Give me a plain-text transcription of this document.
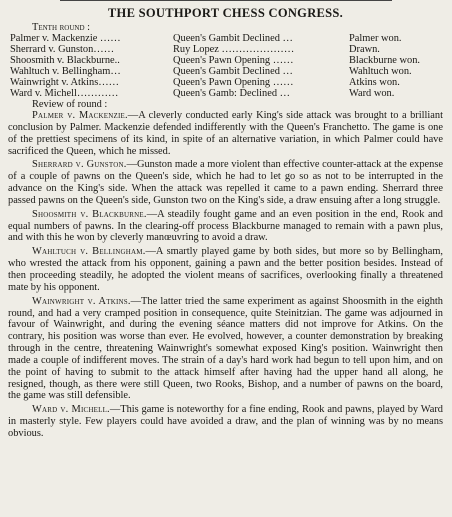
THE SOUTHPORT CHESS CONGRESS.
Tenth round :
Palmer v. Mackenzie ……	Queen's Gambit Declined …	Palmer won.
Sherrard v. Gunston……	Ruy Lopez …………………	Drawn.
Shoosmith v. Blackburne..	Queen's Pawn Opening ……	Blackburne won.
Wahltuch v. Bellingham…	Queen's Gambit Declined …	Wahltuch won.
Wainwright v. Atkins……	Queen's Pawn Opening ……	Atkins won.
Ward v. Michell…………	Queen's Gamb: Declined …	Ward won.
Review of round :

Palmer v. Mackenzie.—A cleverly conducted early King's side attack was brought to a brilliant conclusion by Palmer. Mackenzie defended indifferently with the Queen's Franchetto. The game is one of the prettiest specimens of its kind, in spite of an alternative variation, in which Palmer could have sacrificed the Queen, which he missed.

Sherrard v. Gunston.—Gunston made a more violent than effective counter-attack at the expense of a couple of pawns on the Queen's side, which he had to let go so as not to be interrupted in the advance on the King's side. When the attack was repelled it came to a pawn ending. Sherrard three passed pawns on the Queen's side, Gunston two on the King's side, a draw ensuing after a long struggle.

Shoosmith v. Blackburne.—A steadily fought game and an even position in the end, Rook and equal numbers of pawns. In the clearing-off process Blackburne managed to remain with a pawn plus, and with this he won by cleverly manœuvring to avoid a draw.

Wahltuch v. Bellingham.—A smartly played game by both sides, but more so by Bellingham, who wrested the attack from his opponent, gaining a pawn and the better position besides. Instead of then proceeding steadily, he adopted the violent means of sacrifices, overlooking finally a threatened mate by his opponent.

Wainwright v. Atkins.—The latter tried the same experiment as against Shoosmith in the eighth round, and had a very cramped position in consequence, quite Steinitzian. The game was adjourned in favour of Wainwright, and during the evening séance matters did not improve for Atkins. On the contrary, his position was worse than ever. He evolved, however, a counter demonstration by breaking through in the centre, threatening Wainwright's somewhat exposed King's position. Wainwright then made a couple of indifferent moves. The strain of a day's hard work had begun to tell upon him, and on the point of having to submit to the attack himself after having had the upper hand all along, he resigned, though, as there were still Queen, two Rooks, Bishop, and a number of pawns on the board, the game was still defensible.

Ward v. Michell.—This game is noteworthy for a fine ending, Rook and pawns, played by Ward in masterly style. Few players could have avoided a draw, and the plan of winning was by no means obvious.
